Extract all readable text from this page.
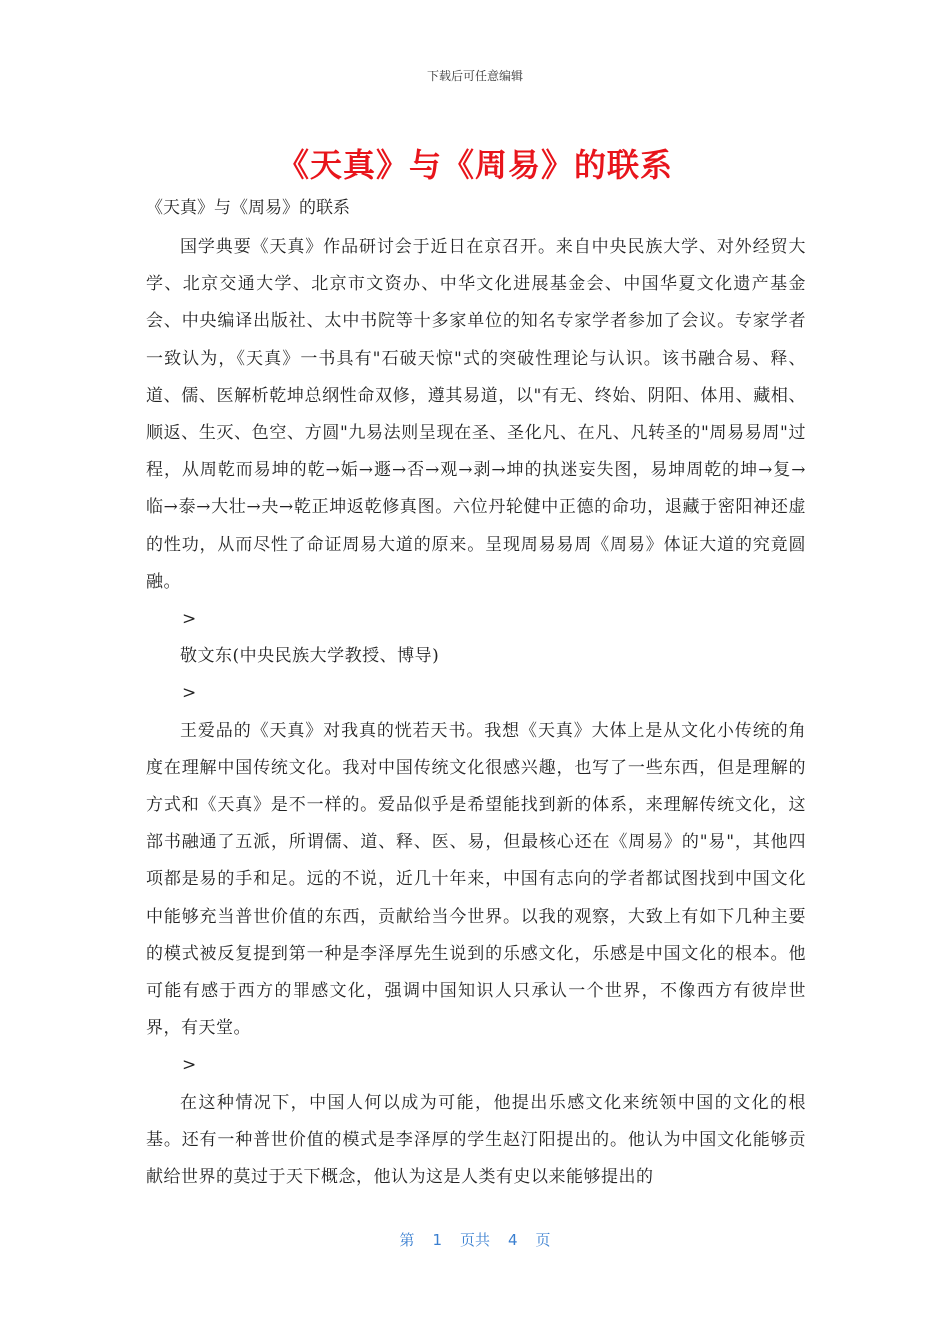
下载后可任意编辑
《天真》与《周易》的联系
《天真》与《周易》的联系

国学典要《天真》作品研讨会于近日在京召开。来自中央民族大学、对外经贸大学、北京交通大学、北京市文资办、中华文化进展基金会、中国华夏文化遗产基金会、中央编译出版社、太中书院等十多家单位的知名专家学者参加了会议。专家学者一致认为，《天真》一书具有"石破天惊"式的突破性理论与认识。该书融合易、释、道、儒、医解析乾坤总纲性命双修，遵其易道，以"有无、终始、阴阳、体用、藏相、顺返、生灭、色空、方圆"九易法则呈现在圣、圣化凡、在凡、凡转圣的"周易易周"过程，从周乾而易坤的乾→姤→遯→否→观→剥→坤的执迷妄失图，易坤周乾的坤→复→临→泰→大壮→夬→乾正坤返乾修真图。六位丹轮健中正德的命功，退藏于密阳神还虚的性功，从而尽性了命证周易大道的原来。呈现周易易周《周易》体证大道的究竟圆融。

>

敬文东(中央民族大学教授、博导)

>

王爱品的《天真》对我真的恍若天书。我想《天真》大体上是从文化小传统的角度在理解中国传统文化。我对中国传统文化很感兴趣，也写了一些东西，但是理解的方式和《天真》是不一样的。爱品似乎是希望能找到新的体系，来理解传统文化，这部书融通了五派，所谓儒、道、释、医、易，但最核心还在《周易》的"易"，其他四项都是易的手和足。远的不说，近几十年来，中国有志向的学者都试图找到中国文化中能够充当普世价值的东西，贡献给当今世界。以我的观察，大致上有如下几种主要的模式被反复提到第一种是李泽厚先生说到的乐感文化，乐感是中国文化的根本。他可能有感于西方的罪感文化，强调中国知识人只承认一个世界，不像西方有彼岸世界，有天堂。

>

在这种情况下，中国人何以成为可能，他提出乐感文化来统领中国的文化的根基。还有一种普世价值的模式是李泽厚的学生赵汀阳提出的。他认为中国文化能够贡献给世界的莫过于天下概念，他认为这是人类有史以来能够提出的

第 1 页共 4 页
